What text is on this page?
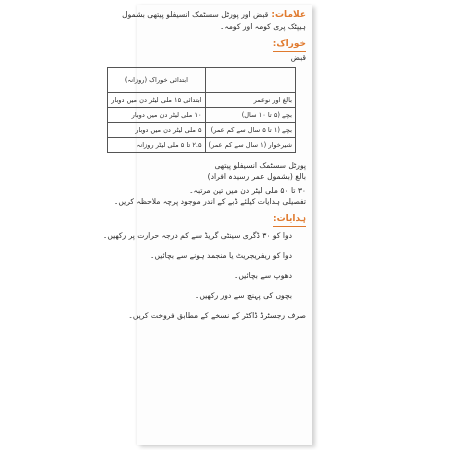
علامات: قبض اور پورٹل سسٹمک انسیفلو پیتھی بشمول
ہیپٹک پری کومہ اور کومہ۔
خوراک:
قبض
	ابتدائی خوراک (روزانہ)
بالغ اور نوعمر	ابتدائی ۱۵ ملی لیٹر دن میں دوبار
بچے (۵ تا ۱۰ سال)	۱۰ ملی لیٹر دن میں دوبار
بچے (۱ تا ۵ سال سے کم عمر)	۵ ملی لیٹر دن میں دوبار
شیرخوار (۱ سال سے کم عمر)	۲.۵ تا ۵ ملی لیٹر روزانہ
پورٹل سسٹمک انسیفلو پیتھی
بالغ (بشمول عمر رسیدہ افراد)
۳۰ تا ۵۰ ملی لیٹر دن میں تین مرتبہ۔
تفصیلی ہدایات کیلئے ڈبے کے اندر موجود پرچہ ملاحظہ کریں۔
ہدایات:
دوا کو ۳۰ ڈگری سینٹی گریڈ سے کم درجہ حرارت پر رکھیں۔
دوا کو ریفریجریٹ یا منجمد ہونے سے بچائیں۔
دھوپ سے بچائیں۔
بچوں کی پہنچ سے دور رکھیں۔
صرف رجسٹرڈ ڈاکٹر کے نسخے کے مطابق فروخت کریں۔
